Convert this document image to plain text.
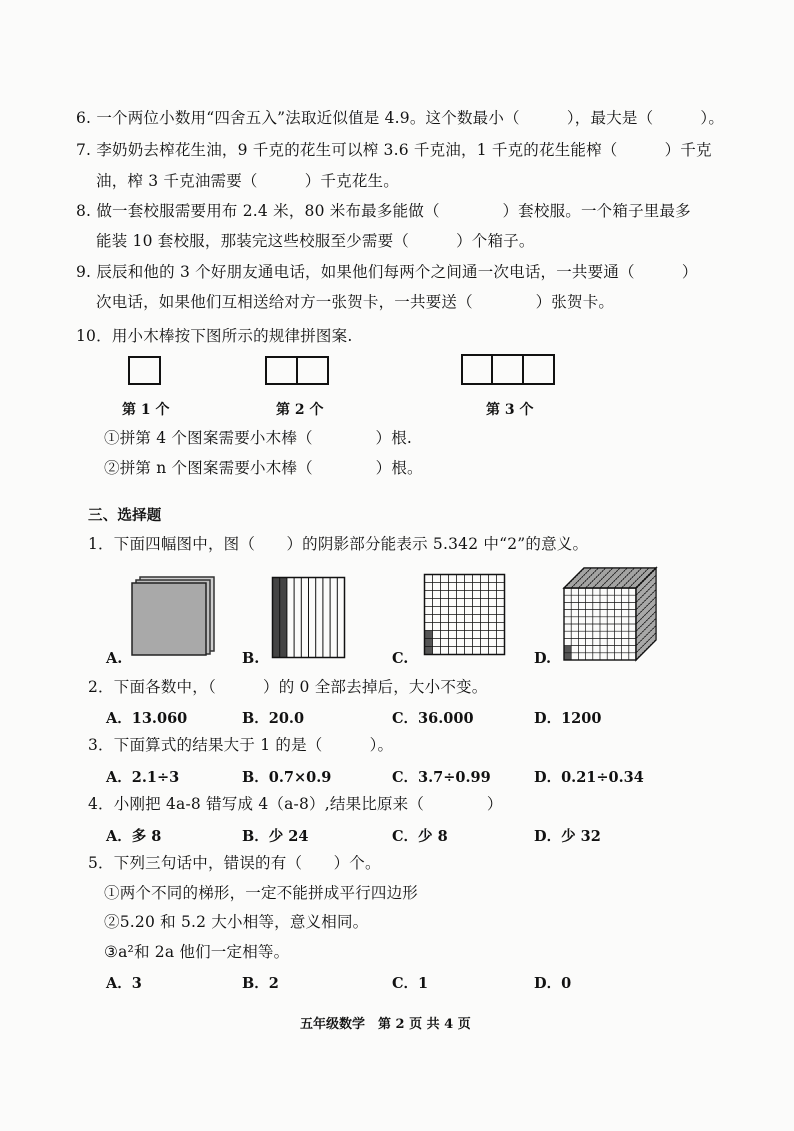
6. 一个两位小数用“四舍五入”法取近似值是 4.9。这个数最小（　　　），最大是（　　　）。
7. 李奶奶去榨花生油，9 千克的花生可以榨 3.6 千克油，1 千克的花生能榨（　　　）千克
油，榨 3 千克油需要（　　　）千克花生。
8. 做一套校服需要用布 2.4 米，80 米布最多能做（　　　　）套校服。一个箱子里最多
能装 10 套校服，那装完这些校服至少需要（　　　）个箱子。
9. 辰辰和他的 3 个好朋友通电话，如果他们每两个之间通一次电话，一共要通（　　　）
次电话，如果他们互相送给对方一张贺卡，一共要送（　　　　）张贺卡。
10．用小木棒按下图所示的规律拼图案.
第 1 个	第 2 个	第 3 个
①拼第 4 个图案需要小木棒（　　　　）根.
②拼第 n 个图案需要小木棒（　　　　）根。
三、选择题
1．下面四幅图中，图（　　）的阴影部分能表示 5.342 中“2”的意义。
A.	B.	C.	D.
2．下面各数中，（　　　）的 0 全部去掉后，大小不变。
A．13.060	B．20.0	C．36.000	D．1200
3．下面算式的结果大于 1 的是（　　　）。
A．2.1÷3	B．0.7×0.9	C．3.7÷0.99	D．0.21÷0.34
4．小刚把 4a-8 错写成 4（a-8）,结果比原来（　　　　）
A．多 8	B．少 24	C．少 8	D．少 32
5．下列三句话中，错误的有（　　）个。
①两个不同的梯形，一定不能拼成平行四边形
②5.20 和 5.2 大小相等，意义相同。
③a²和 2a 他们一定相等。
A．3	B．2	C．1	D．0
五年级数学　第 2 页 共 4 页
